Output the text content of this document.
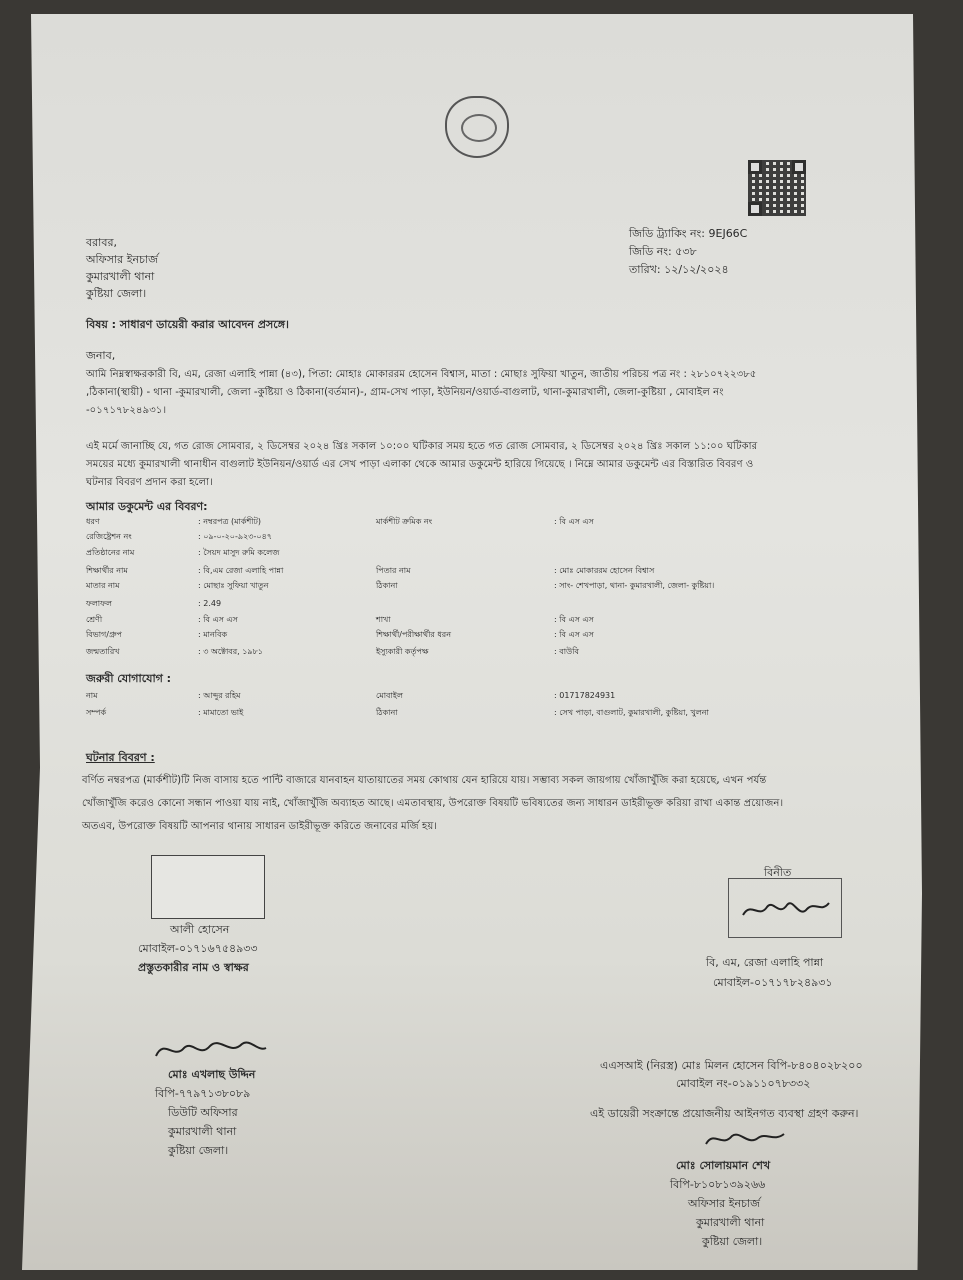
জিডি ট্র্যাকিং নং: 9EJ66C
জিডি নং: ৫৩৮
তারিখ: ১২/১২/২০২৪
বরাবর,
অফিসার ইনচার্জ
কুমারখালী থানা
কুষ্টিয়া জেলা।
বিষয় : সাধারণ ডায়েরী করার আবেদন প্রসঙ্গে।
জনাব,
আমি নিম্নস্বাক্ষরকারী বি, এম, রেজা এলাহি পান্না (৪৩), পিতা: মোহাঃ মোকাররম হোসেন বিশ্বাস, মাতা : মোছাঃ সুফিয়া খাতুন, জাতীয় পরিচয় পত্র নং : ২৮১০৭২২৩৮৫
,ঠিকানা(স্থায়ী) - থানা -কুমারখালী, জেলা -কুষ্টিয়া ও ঠিকানা(বর্তমান)-, গ্রাম-সেখ পাড়া, ইউনিয়ন/ওয়ার্ড-বাগুলাট, থানা-কুমারখালী, জেলা-কুষ্টিয়া , মোবাইল নং
-০১৭১৭৮২৪৯৩১।
এই মর্মে জানাচ্ছি যে, গত রোজ সোমবার, ২ ডিসেম্বর ২০২৪ খ্রিঃ সকাল ১০:০০ ঘটিকার সময় হতে গত রোজ সোমবার, ২ ডিসেম্বর ২০২৪ খ্রিঃ সকাল ১১:০০ ঘটিকার
সময়ের মধ্যে কুমারখালী থানাধীন বাগুলাট ইউনিয়ন/ওয়ার্ড এর সেখ পাড়া এলাকা থেকে আমার ডকুমেন্ট হারিয়ে গিয়েছে । নিম্নে আমার ডকুমেন্ট এর বিস্তারিত বিবরণ ও
ঘটনার বিবরণ প্রদান করা হলো।
আমার ডকুমেন্ট এর বিবরণ:
ধরণ	: নম্বরপত্র (মার্কশীট)	মার্কশীট ক্রমিক নং	: বি এস এস
রেজিষ্ট্রেশন নং	: ০৯-০-২০-৯২৩-০৪৭
প্রতিষ্ঠানের নাম	: সৈয়দ মাসুদ রুমি কলেজ
শিক্ষার্থীর নাম	: বি,এম রেজা এলাহি পান্না	পিতার নাম	: মোঃ মোকাররম হোসেন বিশ্বাস
মাতার নাম	: মোছাঃ সুফিয়া খাতুন	ঠিকানা	: সাং- শেখপাড়া, থানা- কুমারখালী, জেলা- কুষ্টিয়া।
ফলাফল	: 2.49
শ্রেণী	: বি এস এস	শাখা	: বি এস এস
বিভাগ/গ্রুপ	: মানবিক	শিক্ষার্থী/পরীক্ষার্থীর ধরন	: বি এস এস
জন্মতারিখ	: ৩ অক্টোবর, ১৯৮১	ইস্যুকারী কর্তৃপক্ষ	: বাউবি
জরুরী যোগাযোগ :
নাম	: আব্দুর রহিম	মোবাইল	: 01717824931
সম্পর্ক	: মামাতো ভাই	ঠিকানা	: সেখ পাড়া, বাগুলাট, কুমারখালী, কুষ্টিয়া, খুলনা
ঘটনার বিবরণ :
বর্ণিত নম্বরপত্র (মার্কশীট)টি নিজ বাসায় হতে পান্টি বাজারে যানবাহন যাতায়াতের সময় কোথায় যেন হারিয়ে যায়। সম্ভাব্য সকল জায়গায় খোঁজাখুঁজি করা হয়েছে, এখন পর্যন্ত
খোঁজাখুঁজি করেও কোনো সন্ধান পাওয়া যায় নাই, খোঁজাখুঁজি অব্যাহত আছে। এমতাবস্থায়, উপরোক্ত বিষয়টি ভবিষ্যতের জন্য সাধারন ডাইরীভূক্ত করিয়া রাখা একান্ত প্রয়োজন।
অতএব, উপরোক্ত বিষয়টি আপনার থানায় সাধারন ডাইরীভূক্ত করিতে জনাবের মর্জি হয়।
আলী হোসেন
মোবাইল-০১৭১৬৭৫৪৯৩৩
প্রস্তুতকারীর নাম ও স্বাক্ষর
বিনীত
বি, এম, রেজা এলাহি পান্না
মোবাইল-০১৭১৭৮২৪৯৩১
মোঃ এখলাছ উদ্দিন
বিপি-৭৭৯৭১৩৮০৮৯
ডিউটি অফিসার
কুমারখালী থানা
কুষ্টিয়া জেলা।
এএসআই (নিরস্ত্র) মোঃ মিলন হোসেন বিপি-৮৪০৪০২৮২০০
মোবাইল নং-০১৯১১০৭৮৩৩২
এই ডায়েরী সংক্রান্তে প্রয়োজনীয় আইনগত ব্যবস্থা গ্রহণ করুন।
মোঃ সোলায়মান শেখ
বিপি-৮১০৮১৩৯২৬৬
অফিসার ইনচার্জ
কুমারখালী থানা
কুষ্টিয়া জেলা।
